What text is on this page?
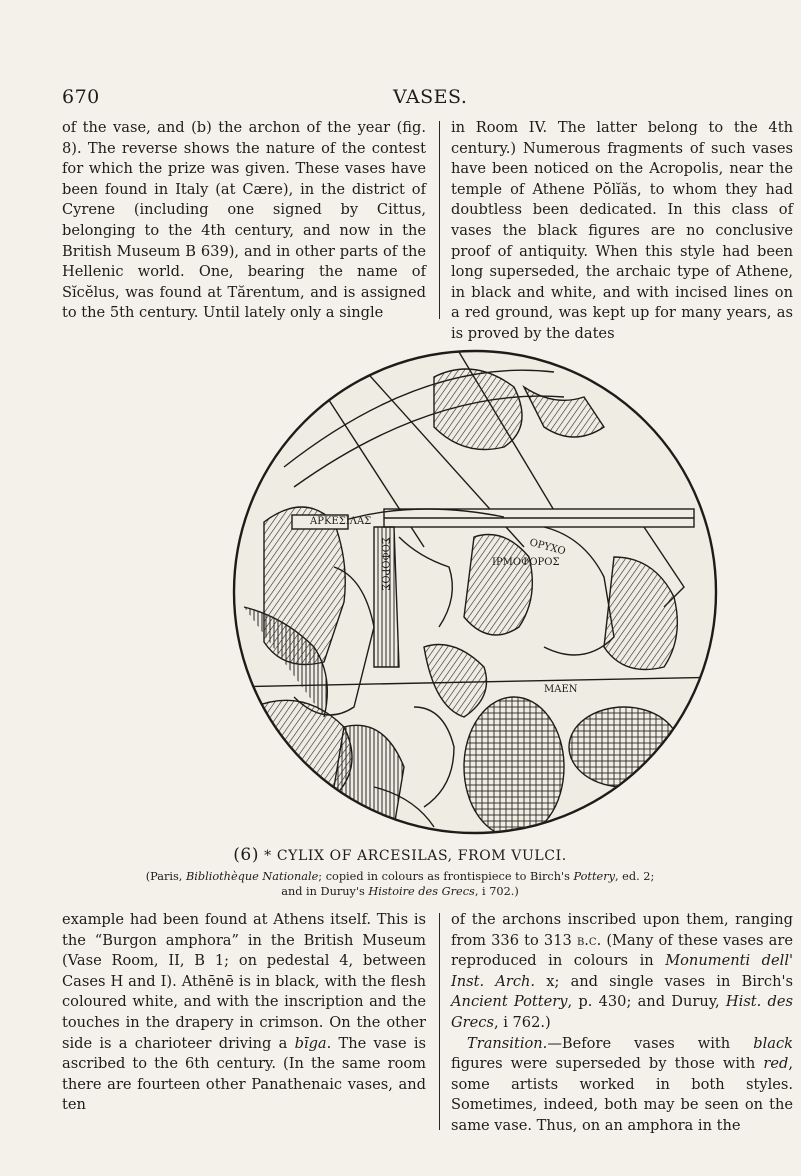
670	VASES.

of the vase, and (b) the archon of the year (fig. 8). The reverse shows the nature of the contest for which the prize was given. These vases have been found in Italy (at Cære), in the district of Cyrene (including one signed by Cittus, belonging to the 4th century, and now in the British Museum B 639), and in other parts of the Hellenic world. One, bearing the name of Sĭcĕlus, was found at Tărentum, and is assigned to the 5th century. Until lately only a single

in Room IV. The latter belong to the 4th century.) Numerous fragments of such vases have been noticed on the Acropolis, near the temple of Athene Pŏlĭăs, to whom they had doubtless been dedicated. In this class of vases the black figures are no conclusive proof of antiquity. When this style had been long superseded, the archaic type of Athene, in black and white, and with incised lines on a red ground, was kept up for many years, as is proved by the dates

APKEΣIΛAΣ
ΣΟΦΟΡΟΣ	ΟΡΥΧΟ
ΙΡΜΟΦΟΡΟΣ
ΜΑΕΝ
(6) * CYLIX OF ARCESILAS, FROM VULCI.
(Paris, Bibliothèque Nationale; copied in colours as frontispiece to Birch's Pottery, ed. 2;
and in Duruy's Histoire des Grecs, i 702.)

example had been found at Athens itself. This is the “Burgon amphora” in the British Museum (Vase Room, II, B 1; on pedestal 4, between Cases H and I). Athēnē is in black, with the flesh coloured white, and with the inscription and the touches in the drapery in crimson. On the other side is a charioteer driving a bīga. The vase is ascribed to the 6th century. (In the same room there are fourteen other Panathenaic vases, and ten

of the archons inscribed upon them, ranging from 336 to 313 b.c. (Many of these vases are reproduced in colours in Monumenti dell' Inst. Arch. x; and single vases in Birch's Ancient Pottery, p. 430; and Duruy, Hist. des Grecs, i 762.)

Transition.—Before vases with black figures were superseded by those with red, some artists worked in both styles. Sometimes, indeed, both may be seen on the same vase. Thus, on an amphora in the
